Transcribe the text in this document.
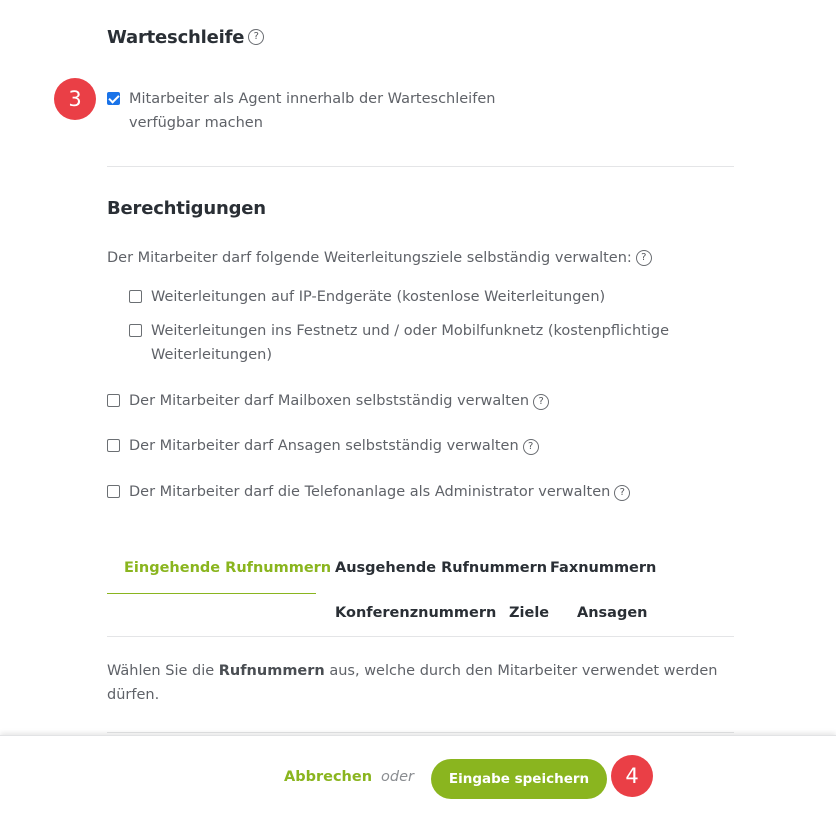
Warteschleife ?
3	Mitarbeiter als Agent innerhalb der Warteschleifen verfügbar machen
Berechtigungen
Der Mitarbeiter darf folgende Weiterleitungsziele selbständig verwalten: ?
Weiterleitungen auf IP-Endgeräte (kostenlose Weiterleitungen)
Weiterleitungen ins Festnetz und / oder Mobilfunknetz (kostenpflichtige Weiterleitungen)
Der Mitarbeiter darf Mailboxen selbstständig verwalten ?
Der Mitarbeiter darf Ansagen selbstständig verwalten ?
Der Mitarbeiter darf die Telefonanlage als Administrator verwalten ?
Eingehende Rufnummern Ausgehende Rufnummern Faxnummern
Konferenznummern Ziele Ansagen
Wählen Sie die Rufnummern aus, welche durch den Mitarbeiter verwendet werden dürfen.
Abbrechen oder	Eingabe speichern	4
